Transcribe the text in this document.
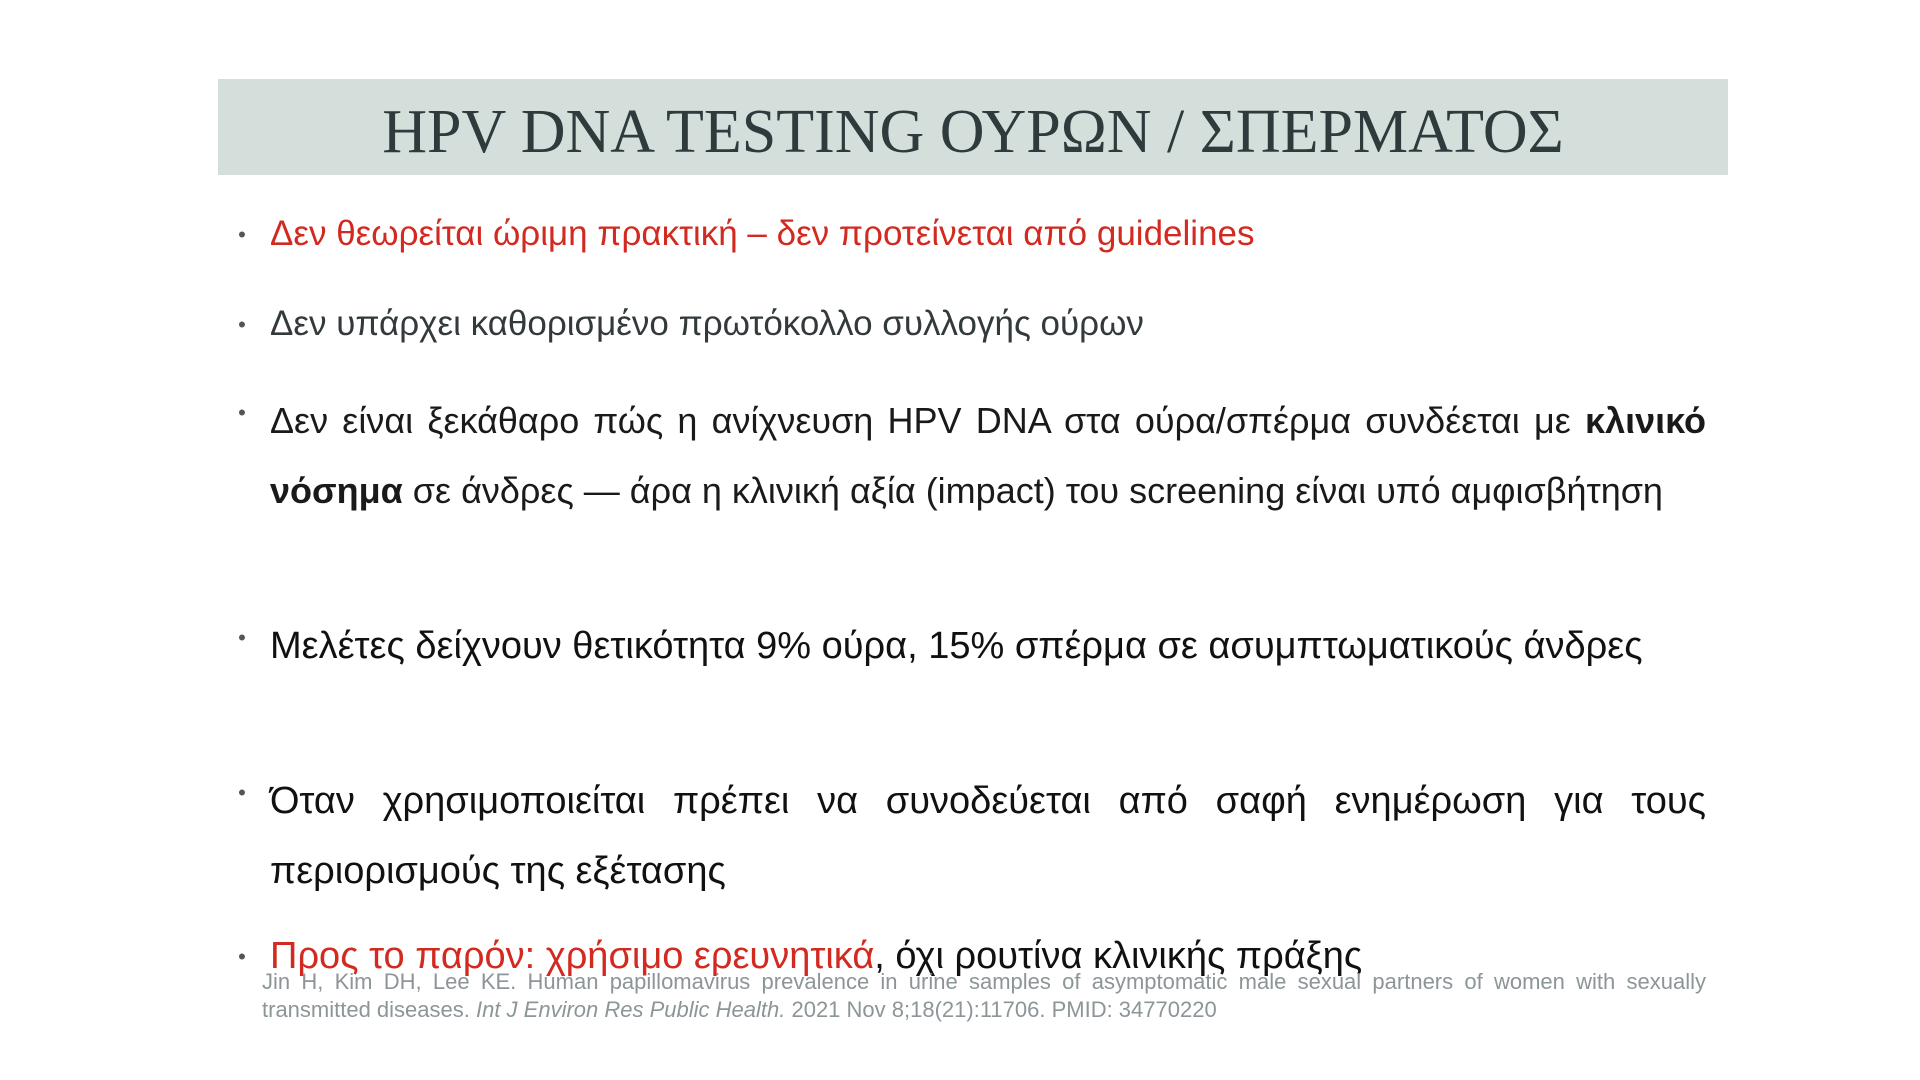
HPV DNA TESTING ΟΥΡΩΝ / ΣΠΕΡΜΑΤΟΣ
• Δεν θεωρείται ώριμη πρακτική – δεν προτείνεται από guidelines
• Δεν υπάρχει καθορισμένο πρωτόκολλο συλλογής ούρων
• Δεν είναι ξεκάθαρο πώς η ανίχνευση HPV DNA στα ούρα/σπέρμα συνδέεται με κλινικό νόσημα σε άνδρες — άρα η κλινική αξία (impact) του screening είναι υπό αμφισβήτηση
• Μελέτες δείχνουν θετικότητα 9% ούρα, 15% σπέρμα σε ασυμπτωματικούς άνδρες
• Όταν χρησιμοποιείται πρέπει να συνοδεύεται από σαφή ενημέρωση για τους περιορισμούς της εξέτασης
• Προς το παρόν: χρήσιμο ερευνητικά, όχι ρουτίνα κλινικής πράξης
Jin H, Kim DH, Lee KE. Human papillomavirus prevalence in urine samples of asymptomatic male sexual partners of women with sexually transmitted diseases. Int J Environ Res Public Health. 2021 Nov 8;18(21):11706. PMID: 34770220
